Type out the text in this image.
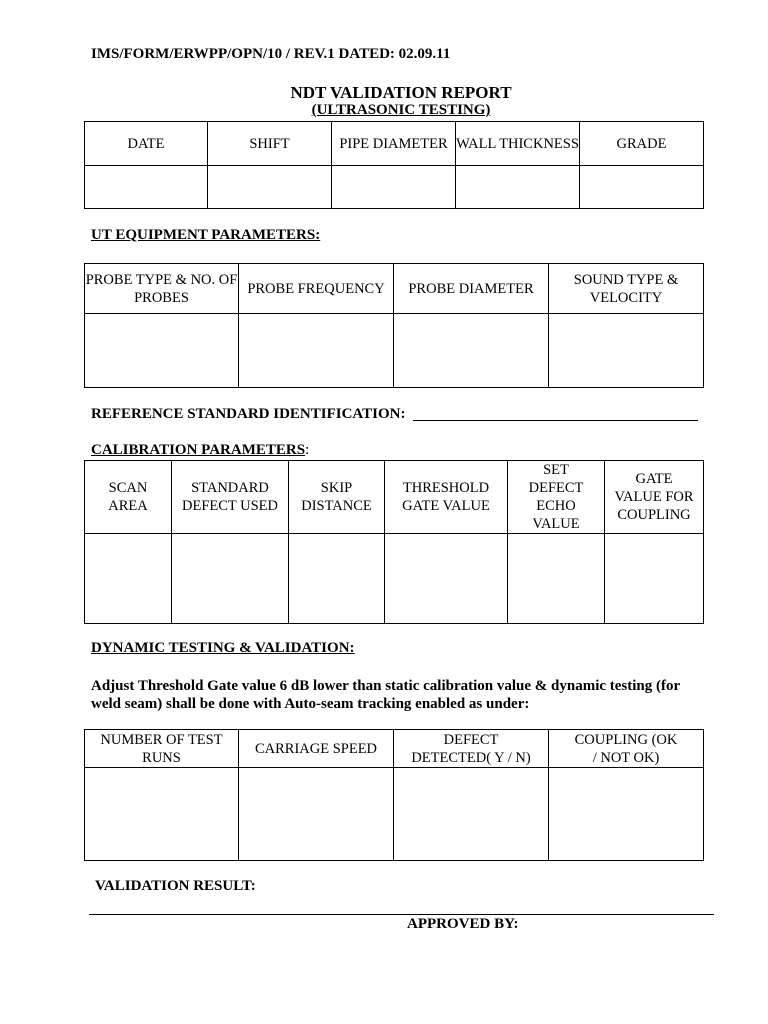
IMS/FORM/ERWPP/OPN/10 / REV.1 DATED: 02.09.11
NDT VALIDATION REPORT
(ULTRASONIC TESTING)
DATE	SHIFT	PIPE DIAMETER	WALL THICKNESS	GRADE

UT EQUIPMENT PARAMETERS:
PROBE TYPE & NO. OF PROBES	PROBE FREQUENCY	PROBE DIAMETER	SOUND TYPE & VELOCITY

REFERENCE STANDARD IDENTIFICATION:
CALIBRATION PARAMETERS:
SCAN AREA	STANDARD DEFECT USED	SKIP DISTANCE	THRESHOLD GATE VALUE	SET DEFECT ECHO VALUE	GATE VALUE FOR COUPLING

DYNAMIC TESTING & VALIDATION:
Adjust Threshold Gate value 6 dB lower than static calibration value & dynamic testing (for weld seam) shall be done with Auto-seam tracking enabled as under:
NUMBER OF TEST RUNS	CARRIAGE SPEED	DEFECT DETECTED( Y / N)	COUPLING (OK / NOT OK)

VALIDATION RESULT:
APPROVED BY:
